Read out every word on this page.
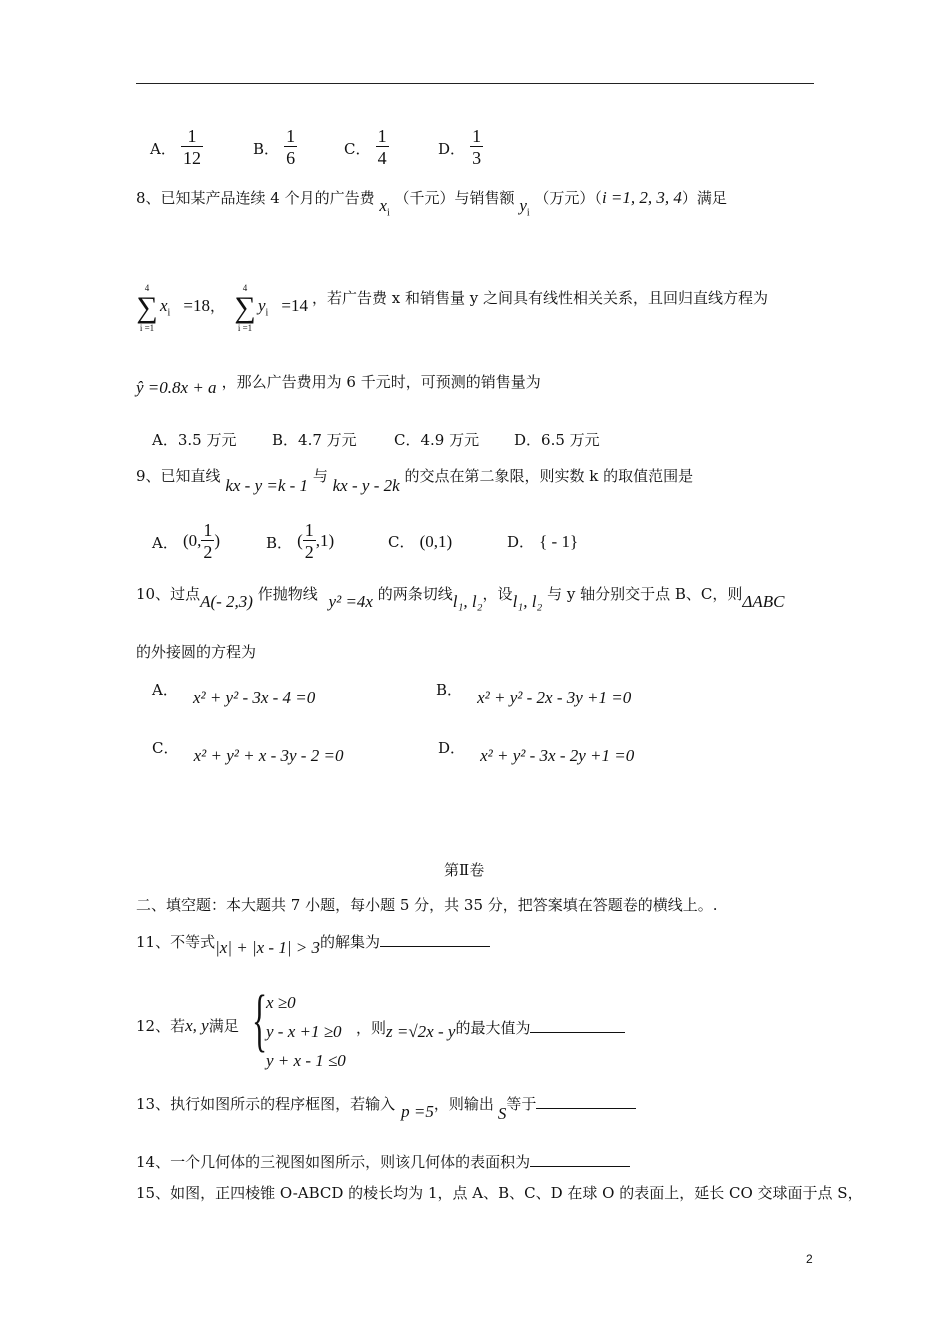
A． $\frac{1}{12}$	B． $\frac{1}{6}$	C． $\frac{1}{4}$	D． $\frac{1}{3}$
8、已知某产品连续 4 个月的广告费 $x_i$ （千元）与销售额 $y_i$ （万元）（i =1, 2, 3, 4）满足
4
∑
i =1
$x_i =18$，
4
∑
i =1
$y_i =14$ ，若广告费 x 和销售量 y 之间具有线性相关关系，且回归直线方程为
ŷ =0.8x + a ，那么广告费用为 6 千元时，可预测的销售量为
A．3.5 万元 B．4.7 万元 C．4.9 万元 D．6.5 万元
9、已知直线 kx - y =k - 1 与 kx - y - 2k 的交点在第二象限，则实数 k 的取值范围是
A． (0, $\frac{1}{2}$ )	B． ( $\frac{1}{2} ,1$)	C． (0,1)	D． { - 1}
10、过点A(- 2,3) 作抛物线 y² =4x 的两条切线l₁, l₂，设l₁, l₂ 与 y 轴分别交于点 B、C，则ΔABC
的外接圆的方程为
A． x² + y² - 3x - 4 =0	B． x² + y² - 2x - 3y +1 =0
C． x² + y² + x - 3y - 2 =0	D． x² + y² - 3x - 2y +1 =0
第Ⅱ卷
二、填空题：本大题共 7 小题，每小题 5 分，共 35 分，把答案填在答题卷的横线上。.
11、不等式|x| + |x - 1| > 3的解集为
12、若x, y满足 {
x ≥0
y - x +1 ≥0
y + x - 1 ≤0
，则z =√2x - y的最大值为
13、执行如图所示的程序框图，若输入 p =5，则输出 S等于
14、一个几何体的三视图如图所示，则该几何体的表面积为
15、如图，正四棱锥 O-ABCD 的棱长均为 1，点 A、B、C、D 在球 O 的表面上，延长 CO 交球面于点 S，
2
